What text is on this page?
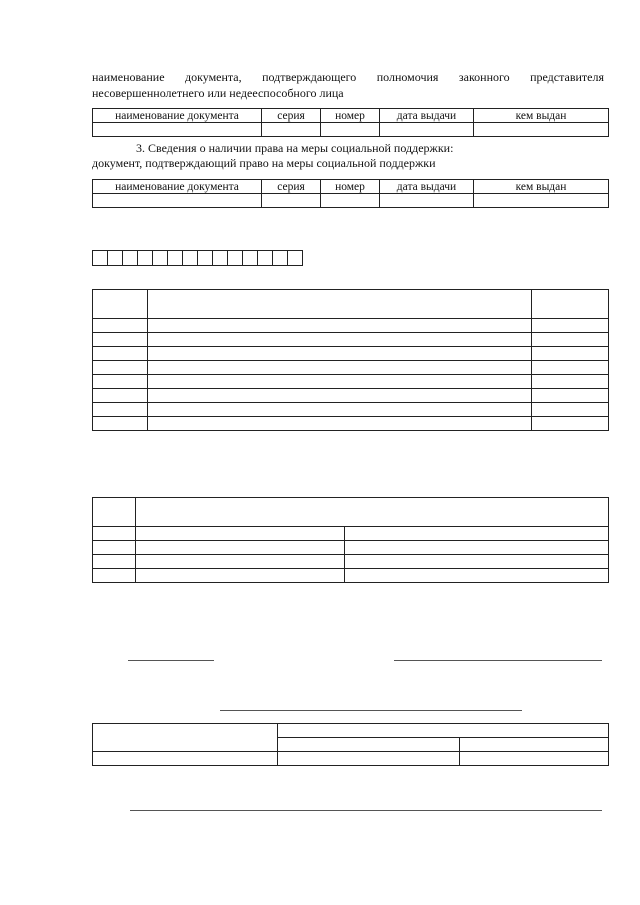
наименование документа, подтверждающего полномочия законного представителя несовершеннолетнего или недееспособного лица
наименование документа	серия	номер	дата выдачи	кем выдан

3. Сведения о наличии права на меры социальной поддержки:
документ, подтверждающий право на меры социальной поддержки
наименование документа	серия	номер	дата выдачи	кем выдан
